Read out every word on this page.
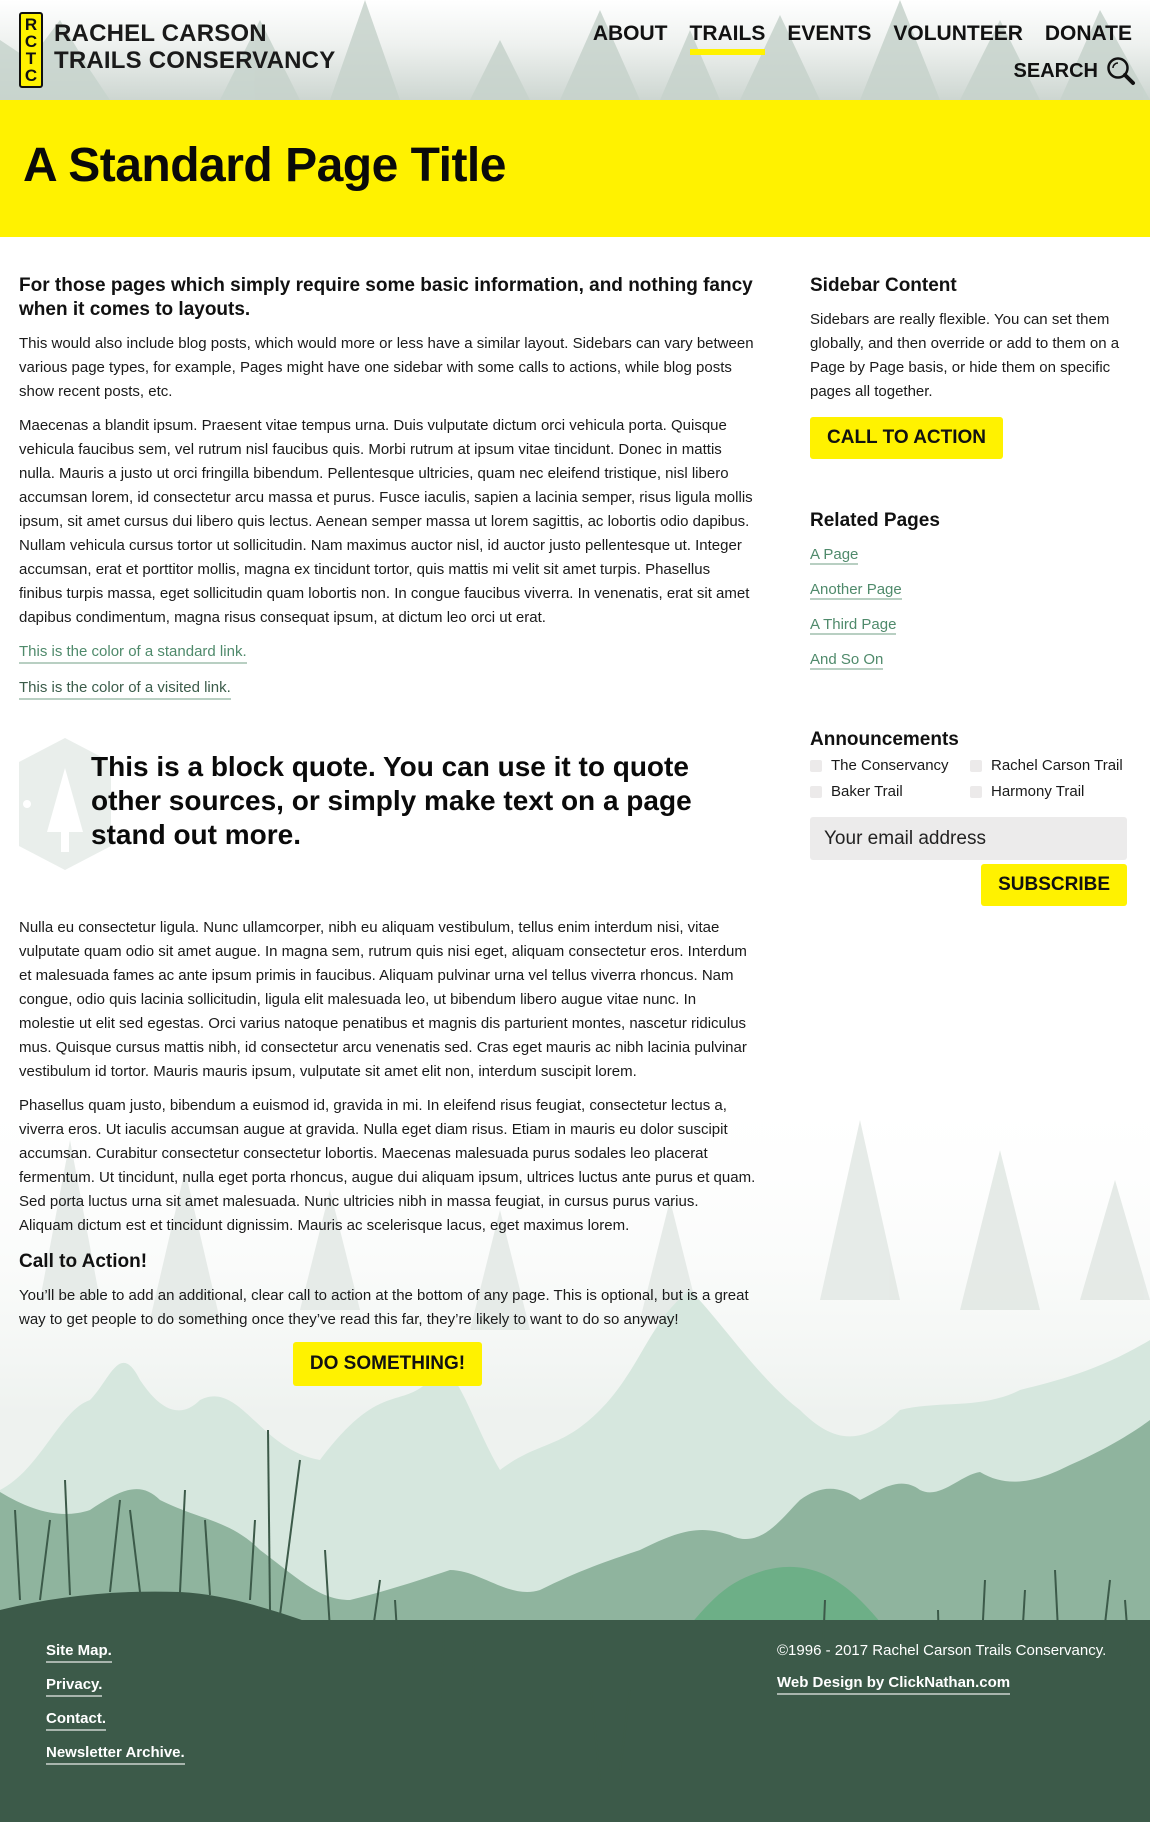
R
C
T
C
RACHEL CARSON
TRAILS CONSERVANCY
ABOUT TRAILS EVENTS VOLUNTEER DONATE
SEARCH
A Standard Page Title
For those pages which simply require some basic information, and nothing fancy when it comes to layouts.

This would also include blog posts, which would more or less have a similar layout. Sidebars can vary between various page types, for example, Pages might have one sidebar with some calls to actions, while blog posts show recent posts, etc.

Maecenas a blandit ipsum. Praesent vitae tempus urna. Duis vulputate dictum orci vehicula porta. Quisque vehicula faucibus sem, vel rutrum nisl faucibus quis. Morbi rutrum at ipsum vitae tincidunt. Donec in mattis nulla. Mauris a justo ut orci fringilla bibendum. Pellentesque ultricies, quam nec eleifend tristique, nisl libero accumsan lorem, id consectetur arcu massa et purus. Fusce iaculis, sapien a lacinia semper, risus ligula mollis ipsum, sit amet cursus dui libero quis lectus. Aenean semper massa ut lorem sagittis, ac lobortis odio dapibus. Nullam vehicula cursus tortor ut sollicitudin. Nam maximus auctor nisl, id auctor justo pellentesque ut. Integer accumsan, erat et porttitor mollis, magna ex tincidunt tortor, quis mattis mi velit sit amet turpis. Phasellus finibus turpis massa, eget sollicitudin quam lobortis non. In congue faucibus viverra. In venenatis, erat sit amet dapibus condimentum, magna risus consequat ipsum, at dictum leo orci ut erat.

This is the color of a standard link.
This is the color of a visited link.
This is a block quote. You can use it to quote other sources, or simply make text on a page stand out more.

Nulla eu consectetur ligula. Nunc ullamcorper, nibh eu aliquam vestibulum, tellus enim interdum nisi, vitae vulputate quam odio sit amet augue. In magna sem, rutrum quis nisi eget, aliquam consectetur eros. Interdum et malesuada fames ac ante ipsum primis in faucibus. Aliquam pulvinar urna vel tellus viverra rhoncus. Nam congue, odio quis lacinia sollicitudin, ligula elit malesuada leo, ut bibendum libero augue vitae nunc. In molestie ut elit sed egestas. Orci varius natoque penatibus et magnis dis parturient montes, nascetur ridiculus mus. Quisque cursus mattis nibh, id consectetur arcu venenatis sed. Cras eget mauris ac nibh lacinia pulvinar vestibulum id tortor. Mauris mauris ipsum, vulputate sit amet elit non, interdum suscipit lorem.

Phasellus quam justo, bibendum a euismod id, gravida in mi. In eleifend risus feugiat, consectetur lectus a, viverra eros. Ut iaculis accumsan augue at gravida. Nulla eget diam risus. Etiam in mauris eu dolor suscipit accumsan. Curabitur consectetur consectetur lobortis. Maecenas malesuada purus sodales leo placerat fermentum. Ut tincidunt, nulla eget porta rhoncus, augue dui aliquam ipsum, ultrices luctus ante purus et quam. Sed porta luctus urna sit amet malesuada. Nunc ultricies nibh in massa feugiat, in cursus purus varius. Aliquam dictum est et tincidunt dignissim. Mauris ac scelerisque lacus, eget maximus lorem.

Call to Action!

You’ll be able to add an additional, clear call to action at the bottom of any page. This is optional, but is a great way to get people to do something once they’ve read this far, they’re likely to want to do so anyway!

DO SOMETHING!
Sidebar Content

Sidebars are really flexible. You can set them globally, and then override or add to them on a Page by Page basis, or hide them on specific pages all together.

CALL TO ACTION
Related Pages
A Page
Another Page
A Third Page
And So On
Announcements
The Conservancy	Rachel Carson Trail
Baker Trail	Harmony Trail
Your email address
SUBSCRIBE
Site Map.
Privacy.
Contact.
Newsletter Archive.
©1996 - 2017 Rachel Carson Trails Conservancy.
Web Design by ClickNathan.com
